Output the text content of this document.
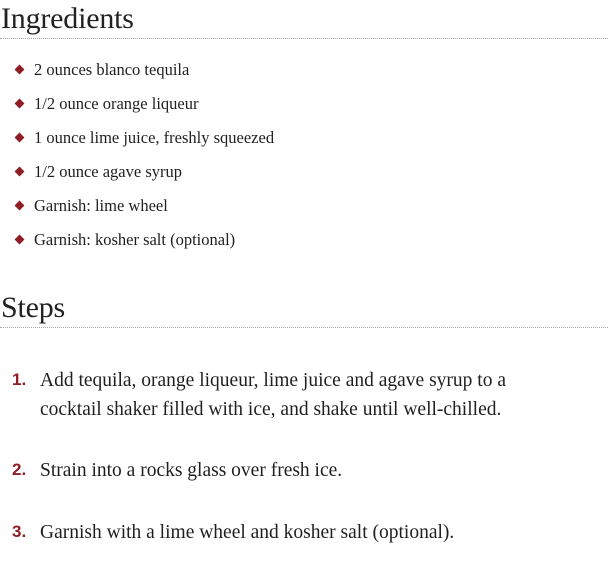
Ingredients
2 ounces blanco tequila
1/2 ounce orange liqueur
1 ounce lime juice, freshly squeezed
1/2 ounce agave syrup
Garnish: lime wheel
Garnish: kosher salt (optional)
Steps
1. Add tequila, orange liqueur, lime juice and agave syrup to a cocktail shaker filled with ice, and shake until well-chilled.
2. Strain into a rocks glass over fresh ice.
3. Garnish with a lime wheel and kosher salt (optional).
